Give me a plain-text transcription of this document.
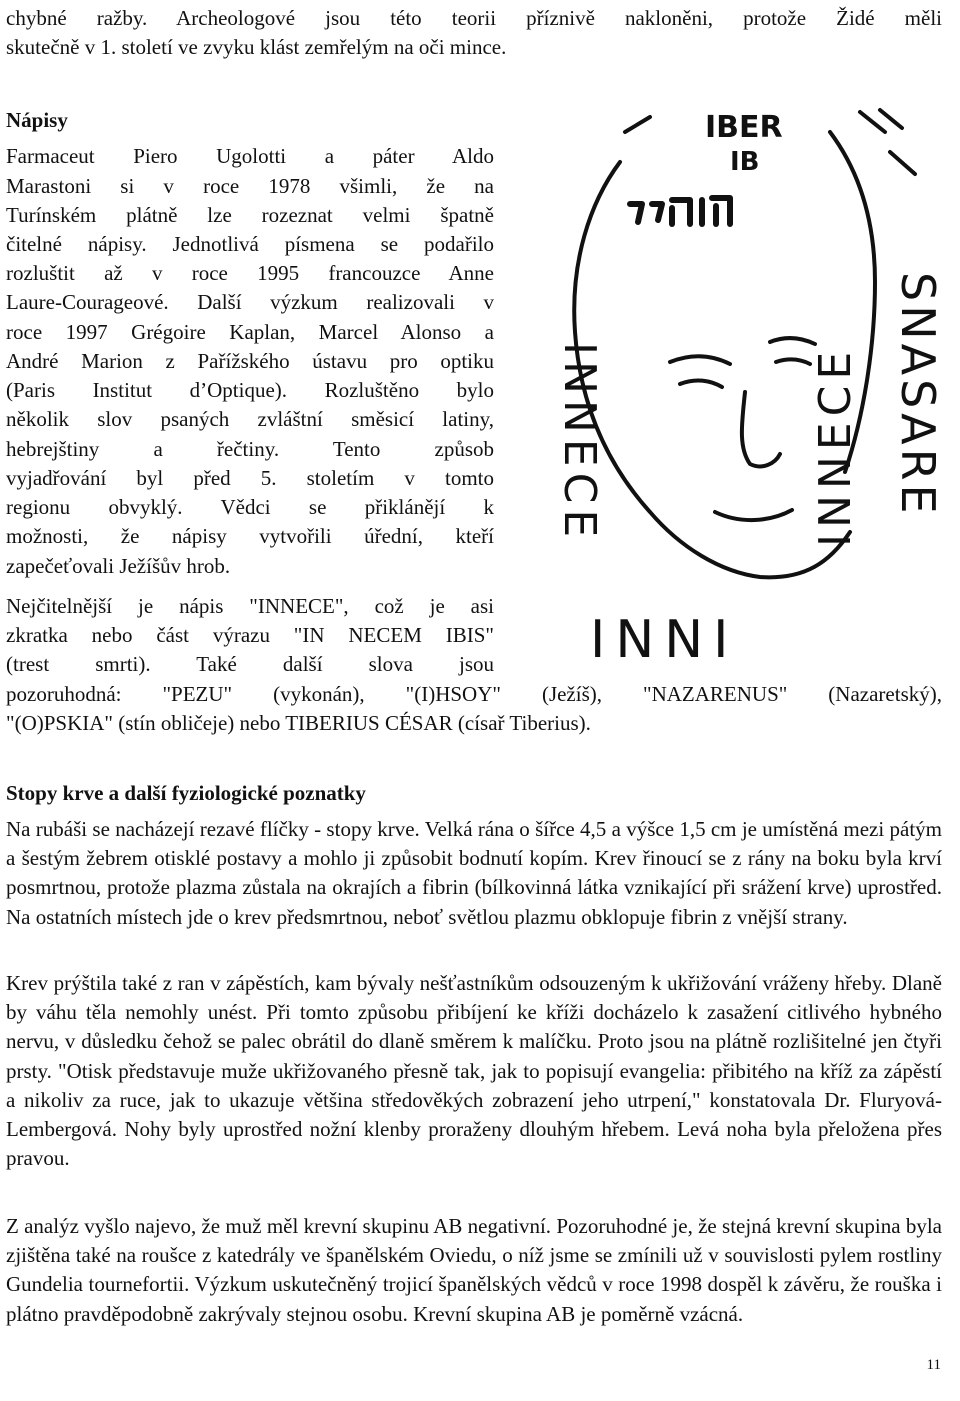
chybné ražby. Archeologové jsou této teorii příznivě nakloněni, protože Židé měli

skutečně v 1. století ve zvyku klást zemřelým na oči mince.

Nápisy

Farmaceut Piero Ugolotti a páter Aldo

Marastoni si v roce 1978 všimli, že na

Turínském plátně lze rozeznat velmi špatně

čitelné nápisy. Jednotlivá písmena se podařilo

rozluštit až v roce 1995 francouzce Anne

Laure-Courageové. Další výzkum realizovali v

roce 1997 Grégoire Kaplan, Marcel Alonso a

André Marion z Pařížského ústavu pro optiku

(Paris Institut d’Optique). Rozluštěno bylo

několik slov psaných zvláštní směsicí latiny,

hebrejštiny a řečtiny. Tento způsob

vyjadřování byl před 5. stoletím v tomto

regionu obvyklý. Vědci se přiklánějí k

možnosti, že nápisy vytvořili úřední, kteří

zapečeťovali Ježíšův hrob.

Nejčitelnější je nápis "INNECE", což je asi

zkratka nebo část výrazu "IN NECEM IBIS"

(trest smrti). Také další slova jsou

pozoruhodná: "PEZU" (vykonán), "(I)HSOY" (Ježíš), "NAZARENUS" (Nazaretský),

"(O)PSKIA" (stín obličeje) nebo TIBERIUS CÉSAR (císař Tiberius).

IBER
IB
INNECE	INNECE SNASARE
INNI

Stopy krve a další fyziologické poznatky

Na rubáši se nacházejí rezavé flíčky - stopy krve. Velká rána o šířce 4,5 a výšce 1,5 cm je umístěná mezi pátým a šestým žebrem otisklé postavy a mohlo ji způsobit bodnutí kopím. Krev řinoucí se z rány na boku byla krví posmrtnou, protože plazma zůstala na okrajích a fibrin (bílkovinná látka vznikající při srážení krve) uprostřed. Na ostatních místech jde o krev předsmrtnou, neboť světlou plazmu obklopuje fibrin z vnější strany.

Krev prýštila také z ran v zápěstích, kam bývaly nešťastníkům odsouzeným k ukřižování vráženy hřeby. Dlaně by váhu těla nemohly unést. Při tomto způsobu přibíjení ke kříži docházelo k zasažení citlivého hybného nervu, v důsledku čehož se palec obrátil do dlaně směrem k malíčku. Proto jsou na plátně rozlišitelné jen čtyři prsty. "Otisk představuje muže ukřižovaného přesně tak, jak to popisují evangelia: přibitého na kříž za zápěstí a nikoliv za ruce, jak to ukazuje většina středověkých zobrazení jeho utrpení," konstatovala Dr. Fluryová-Lembergová. Nohy byly uprostřed nožní klenby proraženy dlouhým hřebem. Levá noha byla přeložena přes pravou.

Z analýz vyšlo najevo, že muž měl krevní skupinu AB negativní. Pozoruhodné je, že stejná krevní skupina byla zjištěna také na roušce z katedrály ve španělském Oviedu, o níž jsme se zmínili už v souvislosti pylem rostliny Gundelia tournefortii. Výzkum uskutečněný trojicí španělských vědců v roce 1998 dospěl k závěru, že rouška i plátno pravděpodobně zakrývaly stejnou osobu. Krevní skupina AB je poměrně vzácná.

11
